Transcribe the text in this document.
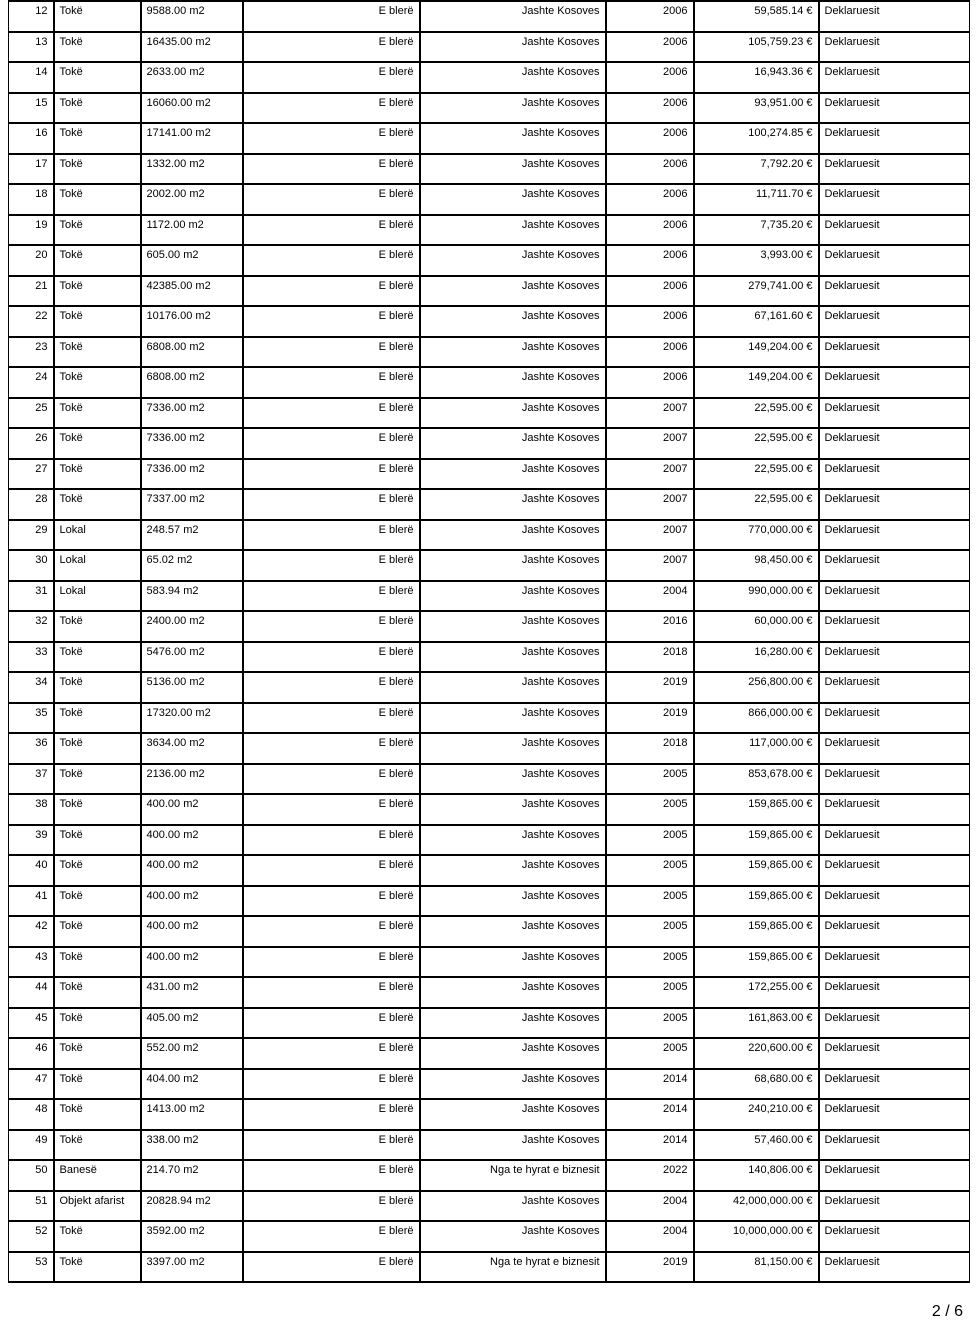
12	Tokë	9588.00 m2	E blerë	Jashte Kosoves	2006	59,585.14 €	Deklaruesit
13	Tokë	16435.00 m2	E blerë	Jashte Kosoves	2006	105,759.23 €	Deklaruesit
14	Tokë	2633.00 m2	E blerë	Jashte Kosoves	2006	16,943.36 €	Deklaruesit
15	Tokë	16060.00 m2	E blerë	Jashte Kosoves	2006	93,951.00 €	Deklaruesit
16	Tokë	17141.00 m2	E blerë	Jashte Kosoves	2006	100,274.85 €	Deklaruesit
17	Tokë	1332.00 m2	E blerë	Jashte Kosoves	2006	7,792.20 €	Deklaruesit
18	Tokë	2002.00 m2	E blerë	Jashte Kosoves	2006	11,711.70 €	Deklaruesit
19	Tokë	1172.00 m2	E blerë	Jashte Kosoves	2006	7,735.20 €	Deklaruesit
20	Tokë	605.00 m2	E blerë	Jashte Kosoves	2006	3,993.00 €	Deklaruesit
21	Tokë	42385.00 m2	E blerë	Jashte Kosoves	2006	279,741.00 €	Deklaruesit
22	Tokë	10176.00 m2	E blerë	Jashte Kosoves	2006	67,161.60 €	Deklaruesit
23	Tokë	6808.00 m2	E blerë	Jashte Kosoves	2006	149,204.00 €	Deklaruesit
24	Tokë	6808.00 m2	E blerë	Jashte Kosoves	2006	149,204.00 €	Deklaruesit
25	Tokë	7336.00 m2	E blerë	Jashte Kosoves	2007	22,595.00 €	Deklaruesit
26	Tokë	7336.00 m2	E blerë	Jashte Kosoves	2007	22,595.00 €	Deklaruesit
27	Tokë	7336.00 m2	E blerë	Jashte Kosoves	2007	22,595.00 €	Deklaruesit
28	Tokë	7337.00 m2	E blerë	Jashte Kosoves	2007	22,595.00 €	Deklaruesit
29	Lokal	248.57 m2	E blerë	Jashte Kosoves	2007	770,000.00 €	Deklaruesit
30	Lokal	65.02 m2	E blerë	Jashte Kosoves	2007	98,450.00 €	Deklaruesit
31	Lokal	583.94 m2	E blerë	Jashte Kosoves	2004	990,000.00 €	Deklaruesit
32	Tokë	2400.00 m2	E blerë	Jashte Kosoves	2016	60,000.00 €	Deklaruesit
33	Tokë	5476.00 m2	E blerë	Jashte Kosoves	2018	16,280.00 €	Deklaruesit
34	Tokë	5136.00 m2	E blerë	Jashte Kosoves	2019	256,800.00 €	Deklaruesit
35	Tokë	17320.00 m2	E blerë	Jashte Kosoves	2019	866,000.00 €	Deklaruesit
36	Tokë	3634.00 m2	E blerë	Jashte Kosoves	2018	117,000.00 €	Deklaruesit
37	Tokë	2136.00 m2	E blerë	Jashte Kosoves	2005	853,678.00 €	Deklaruesit
38	Tokë	400.00 m2	E blerë	Jashte Kosoves	2005	159,865.00 €	Deklaruesit
39	Tokë	400.00 m2	E blerë	Jashte Kosoves	2005	159,865.00 €	Deklaruesit
40	Tokë	400.00 m2	E blerë	Jashte Kosoves	2005	159,865.00 €	Deklaruesit
41	Tokë	400.00 m2	E blerë	Jashte Kosoves	2005	159,865.00 €	Deklaruesit
42	Tokë	400.00 m2	E blerë	Jashte Kosoves	2005	159,865.00 €	Deklaruesit
43	Tokë	400.00 m2	E blerë	Jashte Kosoves	2005	159,865.00 €	Deklaruesit
44	Tokë	431.00 m2	E blerë	Jashte Kosoves	2005	172,255.00 €	Deklaruesit
45	Tokë	405.00 m2	E blerë	Jashte Kosoves	2005	161,863.00 €	Deklaruesit
46	Tokë	552.00 m2	E blerë	Jashte Kosoves	2005	220,600.00 €	Deklaruesit
47	Tokë	404.00 m2	E blerë	Jashte Kosoves	2014	68,680.00 €	Deklaruesit
48	Tokë	1413.00 m2	E blerë	Jashte Kosoves	2014	240,210.00 €	Deklaruesit
49	Tokë	338.00 m2	E blerë	Jashte Kosoves	2014	57,460.00 €	Deklaruesit
50	Banesë	214.70 m2	E blerë	Nga te hyrat e biznesit	2022	140,806.00 €	Deklaruesit
51	Objekt afarist	20828.94 m2	E blerë	Jashte Kosoves	2004	42,000,000.00 €	Deklaruesit
52	Tokë	3592.00 m2	E blerë	Jashte Kosoves	2004	10,000,000.00 €	Deklaruesit
53	Tokë	3397.00 m2	E blerë	Nga te hyrat e biznesit	2019	81,150.00 €	Deklaruesit
2 / 6
